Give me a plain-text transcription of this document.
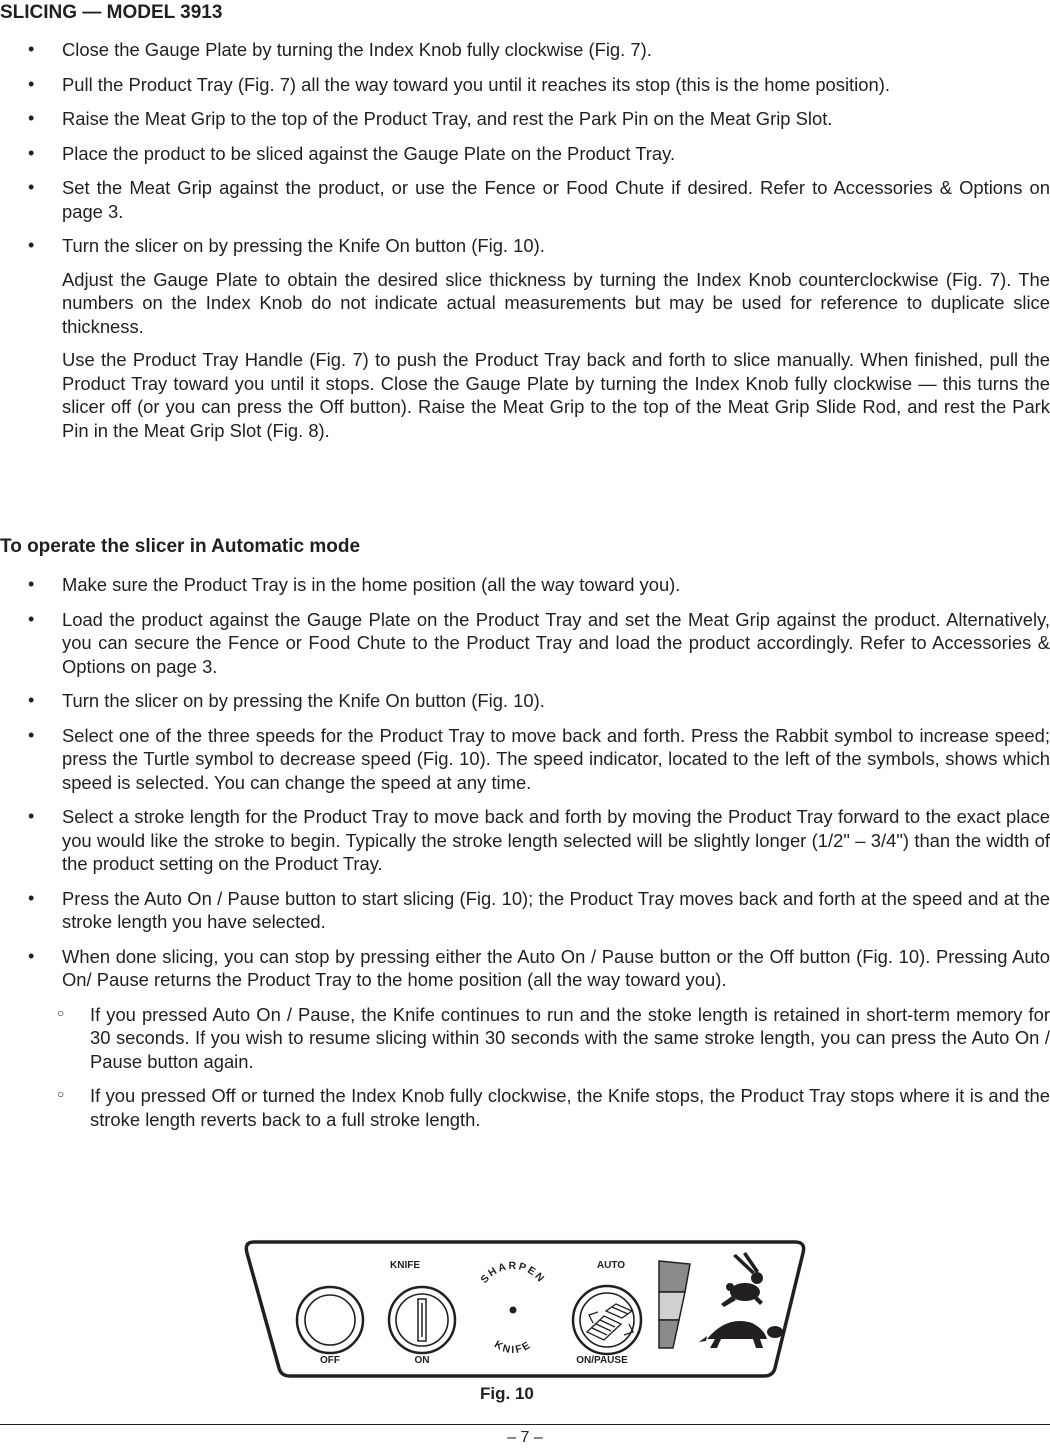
SLICING — MODEL 3913
• Close the Gauge Plate by turning the Index Knob fully clockwise (Fig. 7).
• Pull the Product Tray (Fig. 7) all the way toward you until it reaches its stop (this is the home position).
• Raise the Meat Grip to the top of the Product Tray, and rest the Park Pin on the Meat Grip Slot.
• Place the product to be sliced against the Gauge Plate on the Product Tray.
• Set the Meat Grip against the product, or use the Fence or Food Chute if desired. Refer to Accessories & Options on page 3.
• Turn the slicer on by pressing the Knife On button (Fig. 10).
Adjust the Gauge Plate to obtain the desired slice thickness by turning the Index Knob counterclockwise (Fig. 7). The numbers on the Index Knob do not indicate actual measurements but may be used for reference to duplicate slice thickness.
Use the Product Tray Handle (Fig. 7) to push the Product Tray back and forth to slice manually. When finished, pull the Product Tray toward you until it stops. Close the Gauge Plate by turning the Index Knob fully clockwise — this turns the slicer off (or you can press the Off button). Raise the Meat Grip to the top of the Meat Grip Slide Rod, and rest the Park Pin in the Meat Grip Slot (Fig. 8).
To operate the slicer in Automatic mode
• Make sure the Product Tray is in the home position (all the way toward you).
• Load the product against the Gauge Plate on the Product Tray and set the Meat Grip against the product. Alternatively, you can secure the Fence or Food Chute to the Product Tray and load the product accordingly. Refer to Accessories & Options on page 3.
• Turn the slicer on by pressing the Knife On button (Fig. 10).
• Select one of the three speeds for the Product Tray to move back and forth. Press the Rabbit symbol to increase speed; press the Turtle symbol to decrease speed (Fig. 10). The speed indicator, located to the left of the symbols, shows which speed is selected. You can change the speed at any time.
• Select a stroke length for the Product Tray to move back and forth by moving the Product Tray forward to the exact place you would like the stroke to begin. Typically the stroke length selected will be slightly longer (1/2" – 3/4") than the width of the product setting on the Product Tray.
• Press the Auto On / Pause button to start slicing (Fig. 10); the Product Tray moves back and forth at the speed and at the stroke length you have selected.
• When done slicing, you can stop by pressing either the Auto On / Pause button or the Off button (Fig. 10). Pressing Auto On/ Pause returns the Product Tray to the home position (all the way toward you).
○ If you pressed Auto On / Pause, the Knife continues to run and the stoke length is retained in short-term memory for 30 seconds. If you wish to resume slicing within 30 seconds with the same stroke length, you can press the Auto On / Pause button again.
○ If you pressed Off or turned the Index Knob fully clockwise, the Knife stops, the Product Tray stops where it is and the stroke length reverts back to a full stroke length.
KNIFE	AUTO
OFF	ON
SHARPEN
KNIFE
ON/PAUSE
Fig. 10
– 7 –
